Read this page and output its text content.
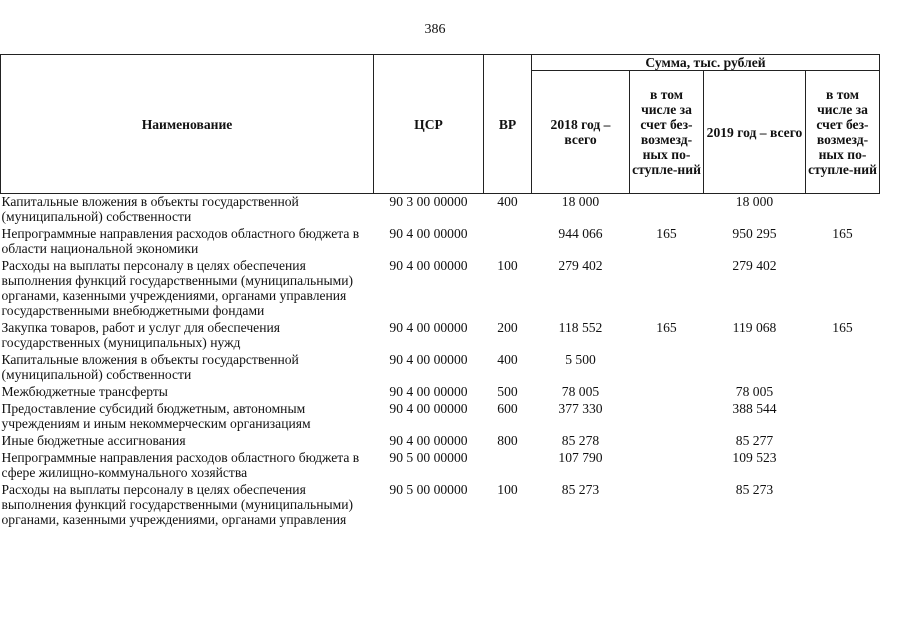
386
Наименование	ЦСР	ВР	Сумма, тыс. рублей			
			2018 год – всего	в том числе за счет без-возмезд-ных по-ступле-ний	2019 год – всего	в том числе за счет без-возмезд-ных по-ступле-ний
Капитальные вложения в объекты государственной (муниципальной) собственности	90 3 00 00000	400	18 000		18 000	
Непрограммные направления расходов областного бюджета в области национальной экономики	90 4 00 00000		944 066	165	950 295	165
Расходы на выплаты персоналу в целях обеспечения выполнения функций государственными (муниципальными) органами, казенными учреждениями, органами управления государственными внебюджетными фондами	90 4 00 00000	100	279 402		279 402	
Закупка товаров, работ и услуг для обеспечения государственных (муниципальных) нужд	90 4 00 00000	200	118 552	165	119 068	165
Капитальные вложения в объекты государственной (муниципальной) собственности	90 4 00 00000	400	5 500			
Межбюджетные трансферты	90 4 00 00000	500	78 005		78 005	
Предоставление субсидий бюджетным, автономным учреждениям и иным некоммерческим организациям	90 4 00 00000	600	377 330		388 544	
Иные бюджетные ассигнования	90 4 00 00000	800	85 278		85 277	
Непрограммные направления расходов областного бюджета в сфере жилищно-коммунального хозяйства	90 5 00 00000		107 790		109 523	
Расходы на выплаты персоналу в целях обеспечения выполнения функций государственными (муниципальными) органами, казенными учреждениями, органами управления	90 5 00 00000	100	85 273		85 273	
